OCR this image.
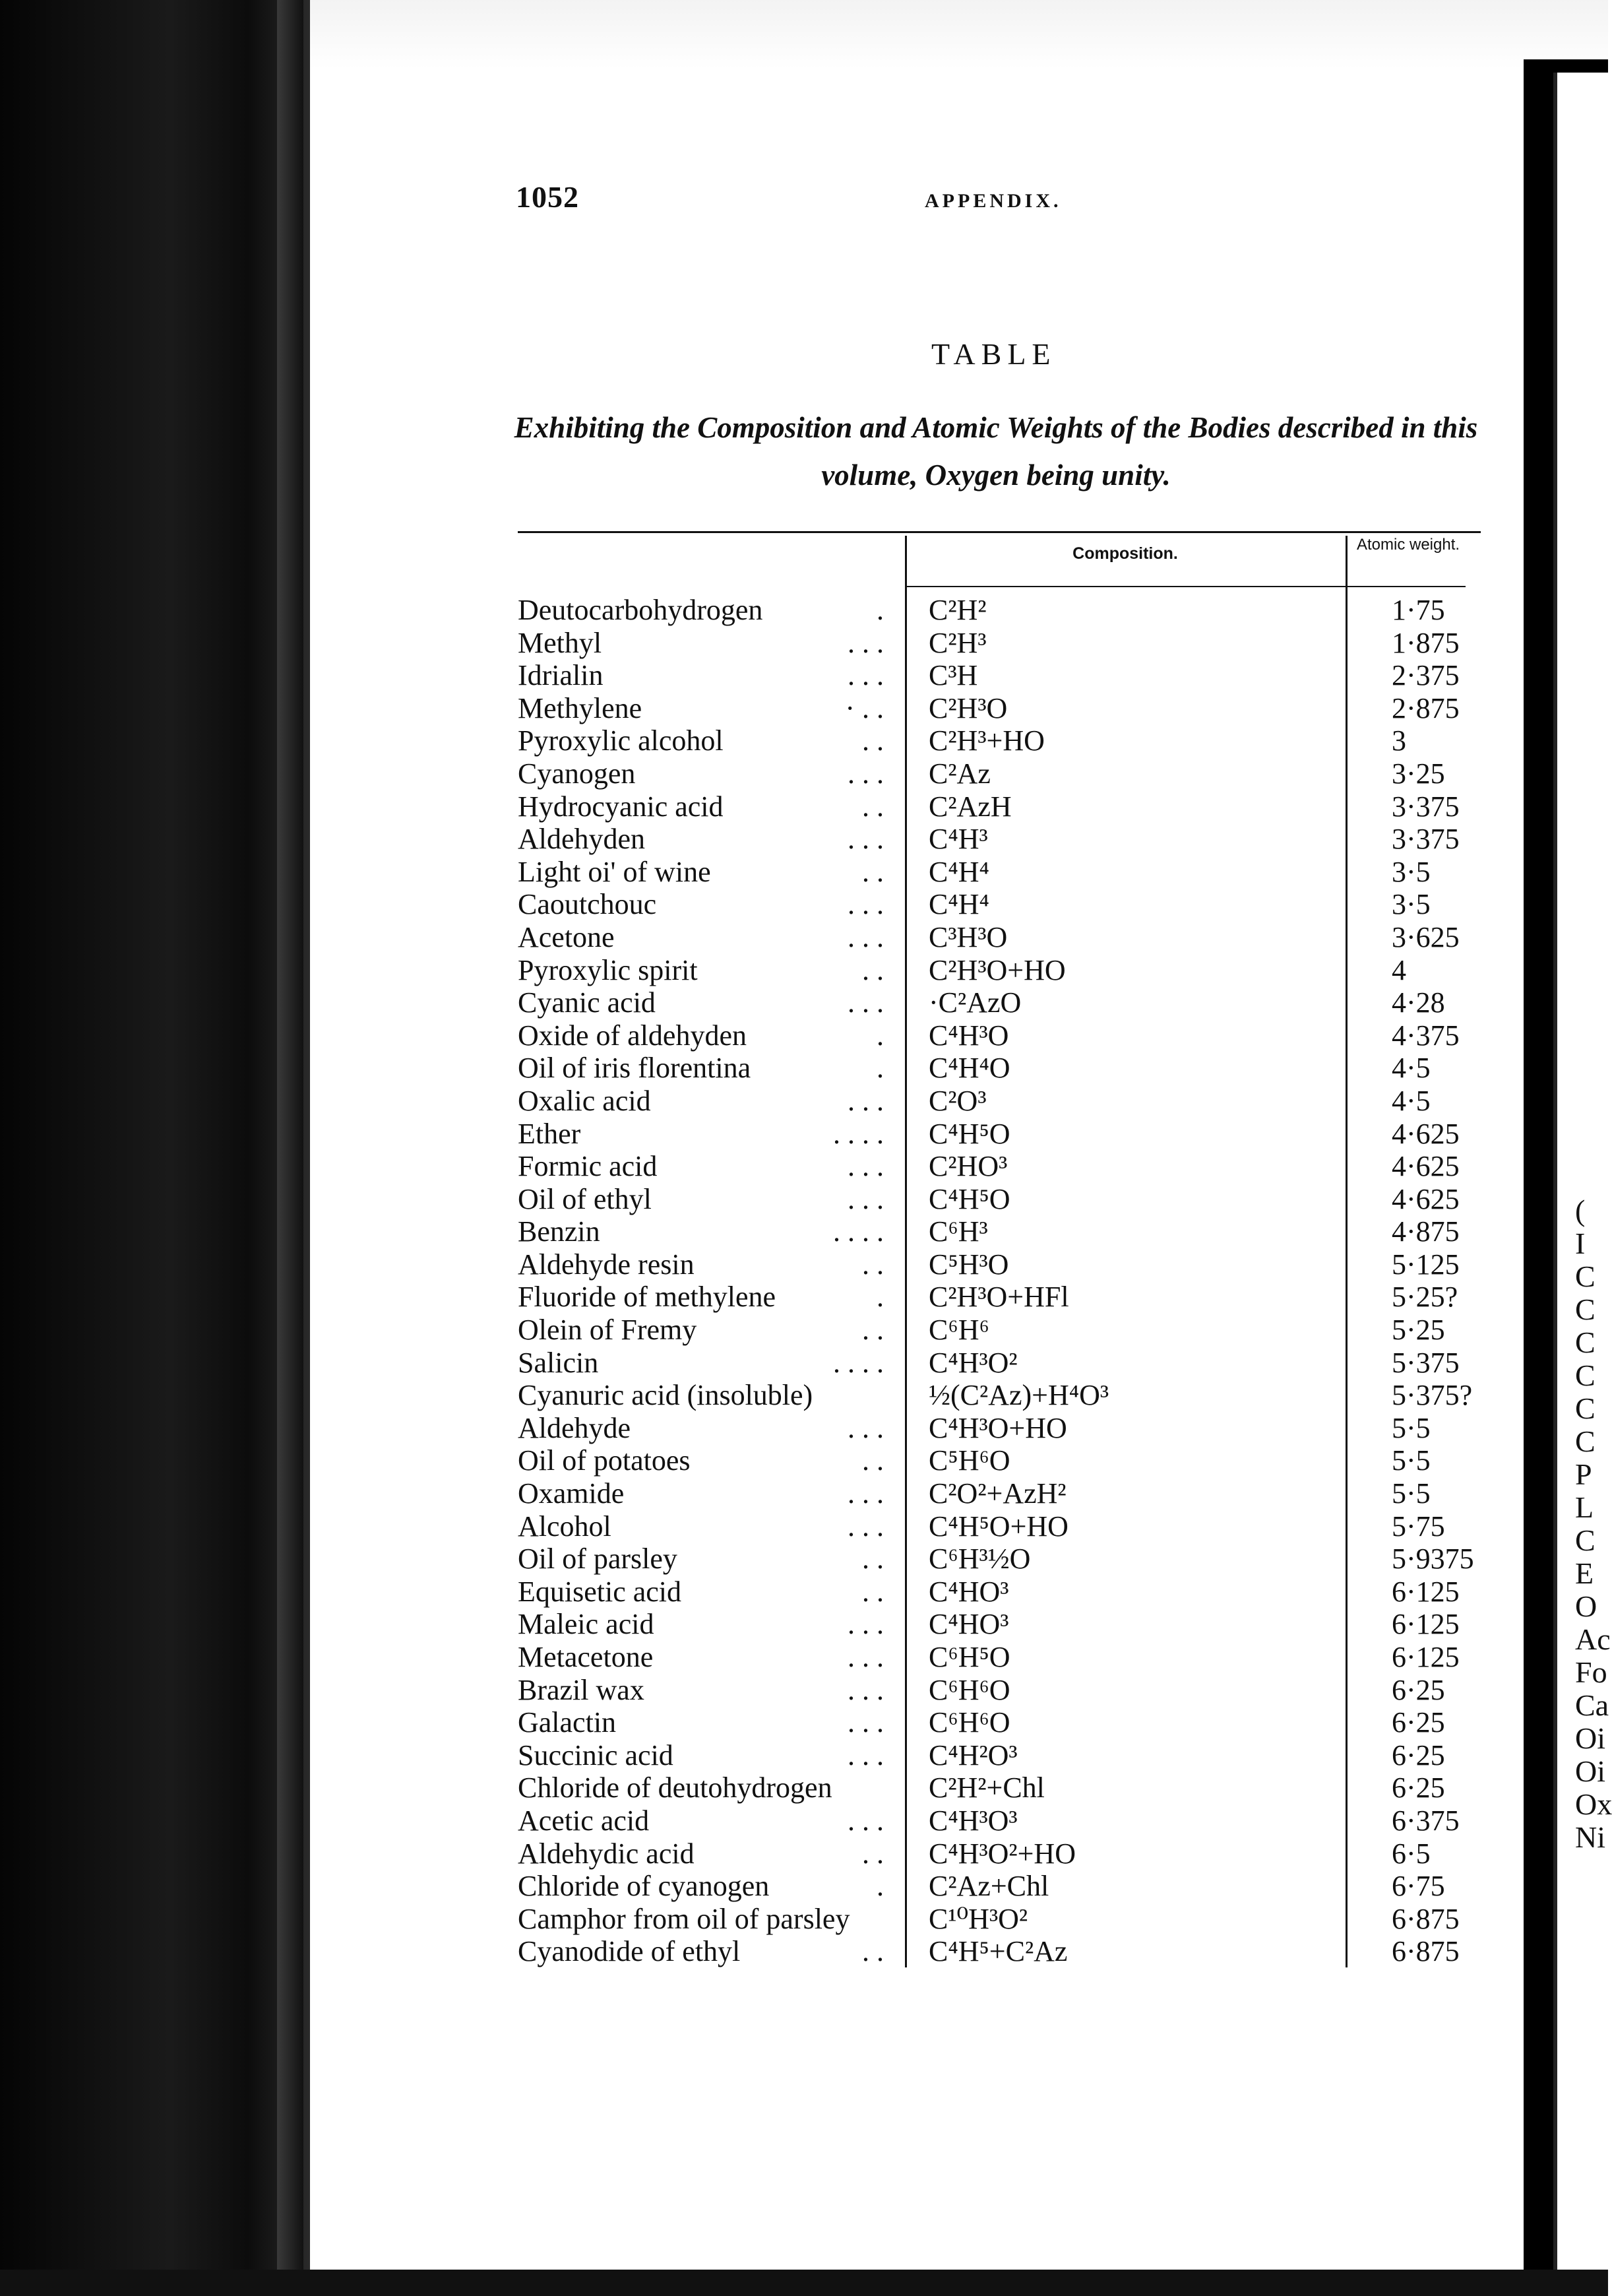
(
I
C
C
C
C
C
C
P
L
C
E
O
Ac
Fo
Ca
Oi
Oi
Ox
Ni
1052	APPENDIX.
TABLE
Exhibiting the Composition and Atomic Weights of the Bodies described in this volume, Oxygen being unity.
Composition.	Atomic weight.
Deutocarbohydrogen	. C²H²	1·75
Methyl	. . . C²H³	1·875
Idrialin	. . . C³H	2·375
Methylene	· . . C²H³O	2·875
Pyroxylic alcohol	. . C²H³+HO	3
Cyanogen	. . . C²Az	3·25
Hydrocyanic acid	. . C²AzH	3·375
Aldehyden	. . . C⁴H³	3·375
Light oi' of wine	. . C⁴H⁴	3·5
Caoutchouc	. . . C⁴H⁴	3·5
Acetone	. . . C³H³O	3·625
Pyroxylic spirit	. . C²H³O+HO	4
Cyanic acid	. . . ·C²AzO	4·28
Oxide of aldehyden	. C⁴H³O	4·375
Oil of iris florentina	. C⁴H⁴O	4·5
Oxalic acid	. . . C²O³	4·5
Ether	. . . . C⁴H⁵O	4·625
Formic acid	. . . C²HO³	4·625
Oil of ethyl	. . . C⁴H⁵O	4·625
Benzin	. . . . C⁶H³	4·875
Aldehyde resin	. . C⁵H³O	5·125
Fluoride of methylene	. C²H³O+HFl	5·25?
Olein of Fremy	. . C⁶H⁶	5·25
Salicin	. . . . C⁴H³O²	5·375
Cyanuric acid (insoluble)	½(C²Az)+H⁴O³	5·375?
Aldehyde	. . . C⁴H³O+HO	5·5
Oil of potatoes	. . C⁵H⁶O	5·5
Oxamide	. . . C²O²+AzH²	5·5
Alcohol	. . . C⁴H⁵O+HO	5·75
Oil of parsley	. . C⁶H³½O	5·9375
Equisetic acid	. . C⁴HO³	6·125
Maleic acid	. . . C⁴HO³	6·125
Metacetone	. . . C⁶H⁵O	6·125
Brazil wax	. . . C⁶H⁶O	6·25
Galactin	. . . C⁶H⁶O	6·25
Succinic acid	. . . C⁴H²O³	6·25
Chloride of deutohydrogen	C²H²+Chl	6·25
Acetic acid	. . . C⁴H³O³	6·375
Aldehydic acid	. . C⁴H³O²+HO	6·5
Chloride of cyanogen	. C²Az+Chl	6·75
Camphor from oil of parsley	C¹⁰H³O²	6·875
Cyanodide of ethyl	. . C⁴H⁵+C²Az	6·875
